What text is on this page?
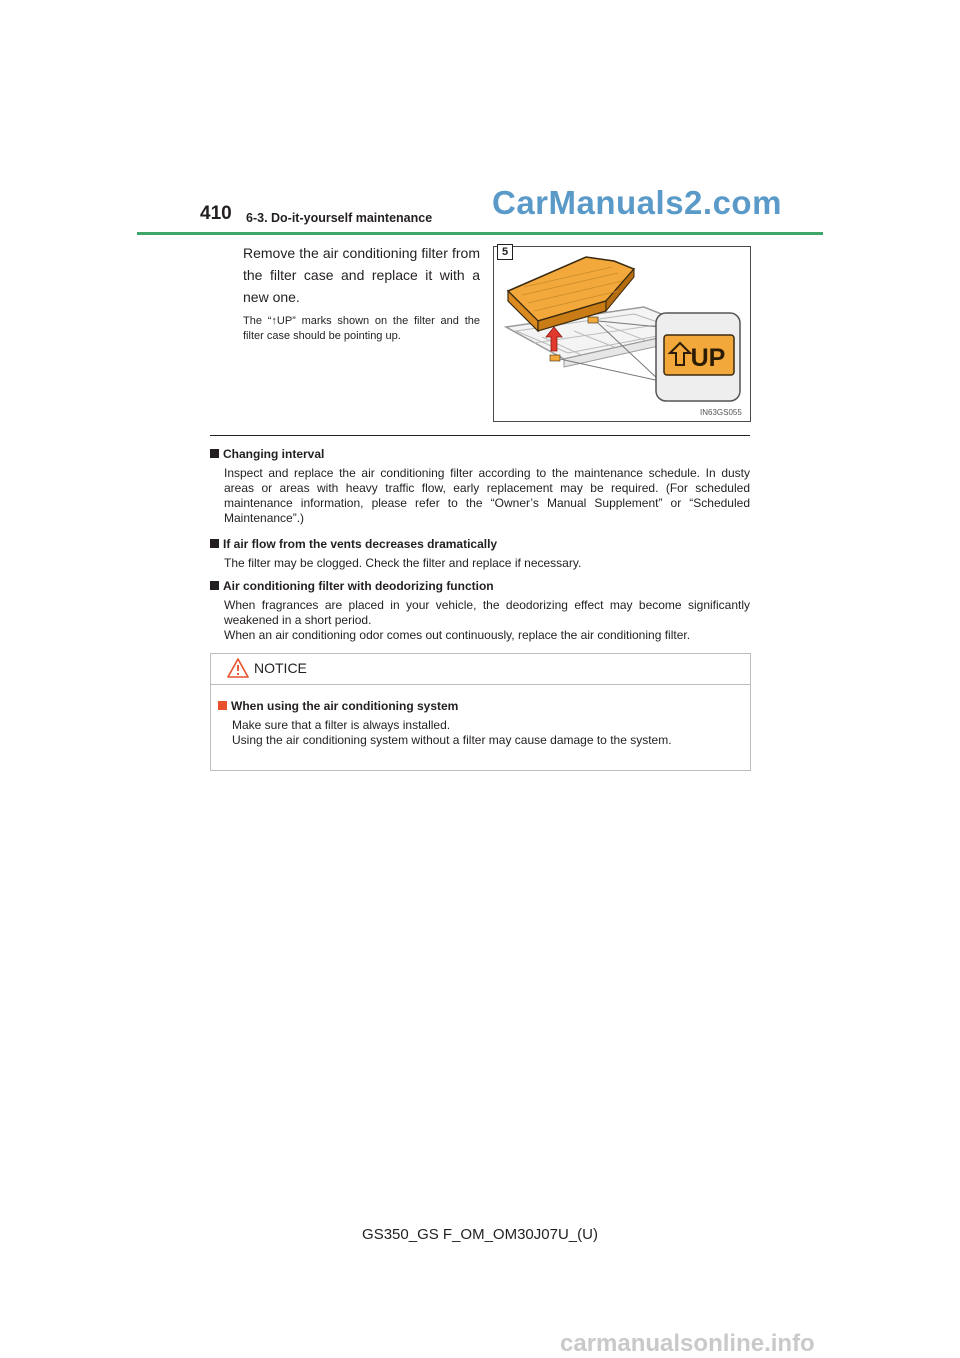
410 6-3. Do-it-yourself maintenance CarManuals2.com
Remove the air conditioning filter from the filter case and replace it with a new one.
The “↑UP” marks shown on the filter and the filter case should be pointing up.
UP
IN63GS055
5
Changing interval
Inspect and replace the air conditioning filter according to the maintenance schedule. In dusty areas or areas with heavy traffic flow, early replacement may be required. (For scheduled maintenance information, please refer to the “Owner’s Manual Supplement” or “Scheduled Maintenance”.)
If air flow from the vents decreases dramatically
The filter may be clogged. Check the filter and replace if necessary.
Air conditioning filter with deodorizing function
When fragrances are placed in your vehicle, the deodorizing effect may become significantly weakened in a short period.
When an air conditioning odor comes out continuously, replace the air conditioning filter.
NOTICE
When using the air conditioning system
Make sure that a filter is always installed.
Using the air conditioning system without a filter may cause damage to the system.
GS350_GS F_OM_OM30J07U_(U)
carmanualsonline.info
